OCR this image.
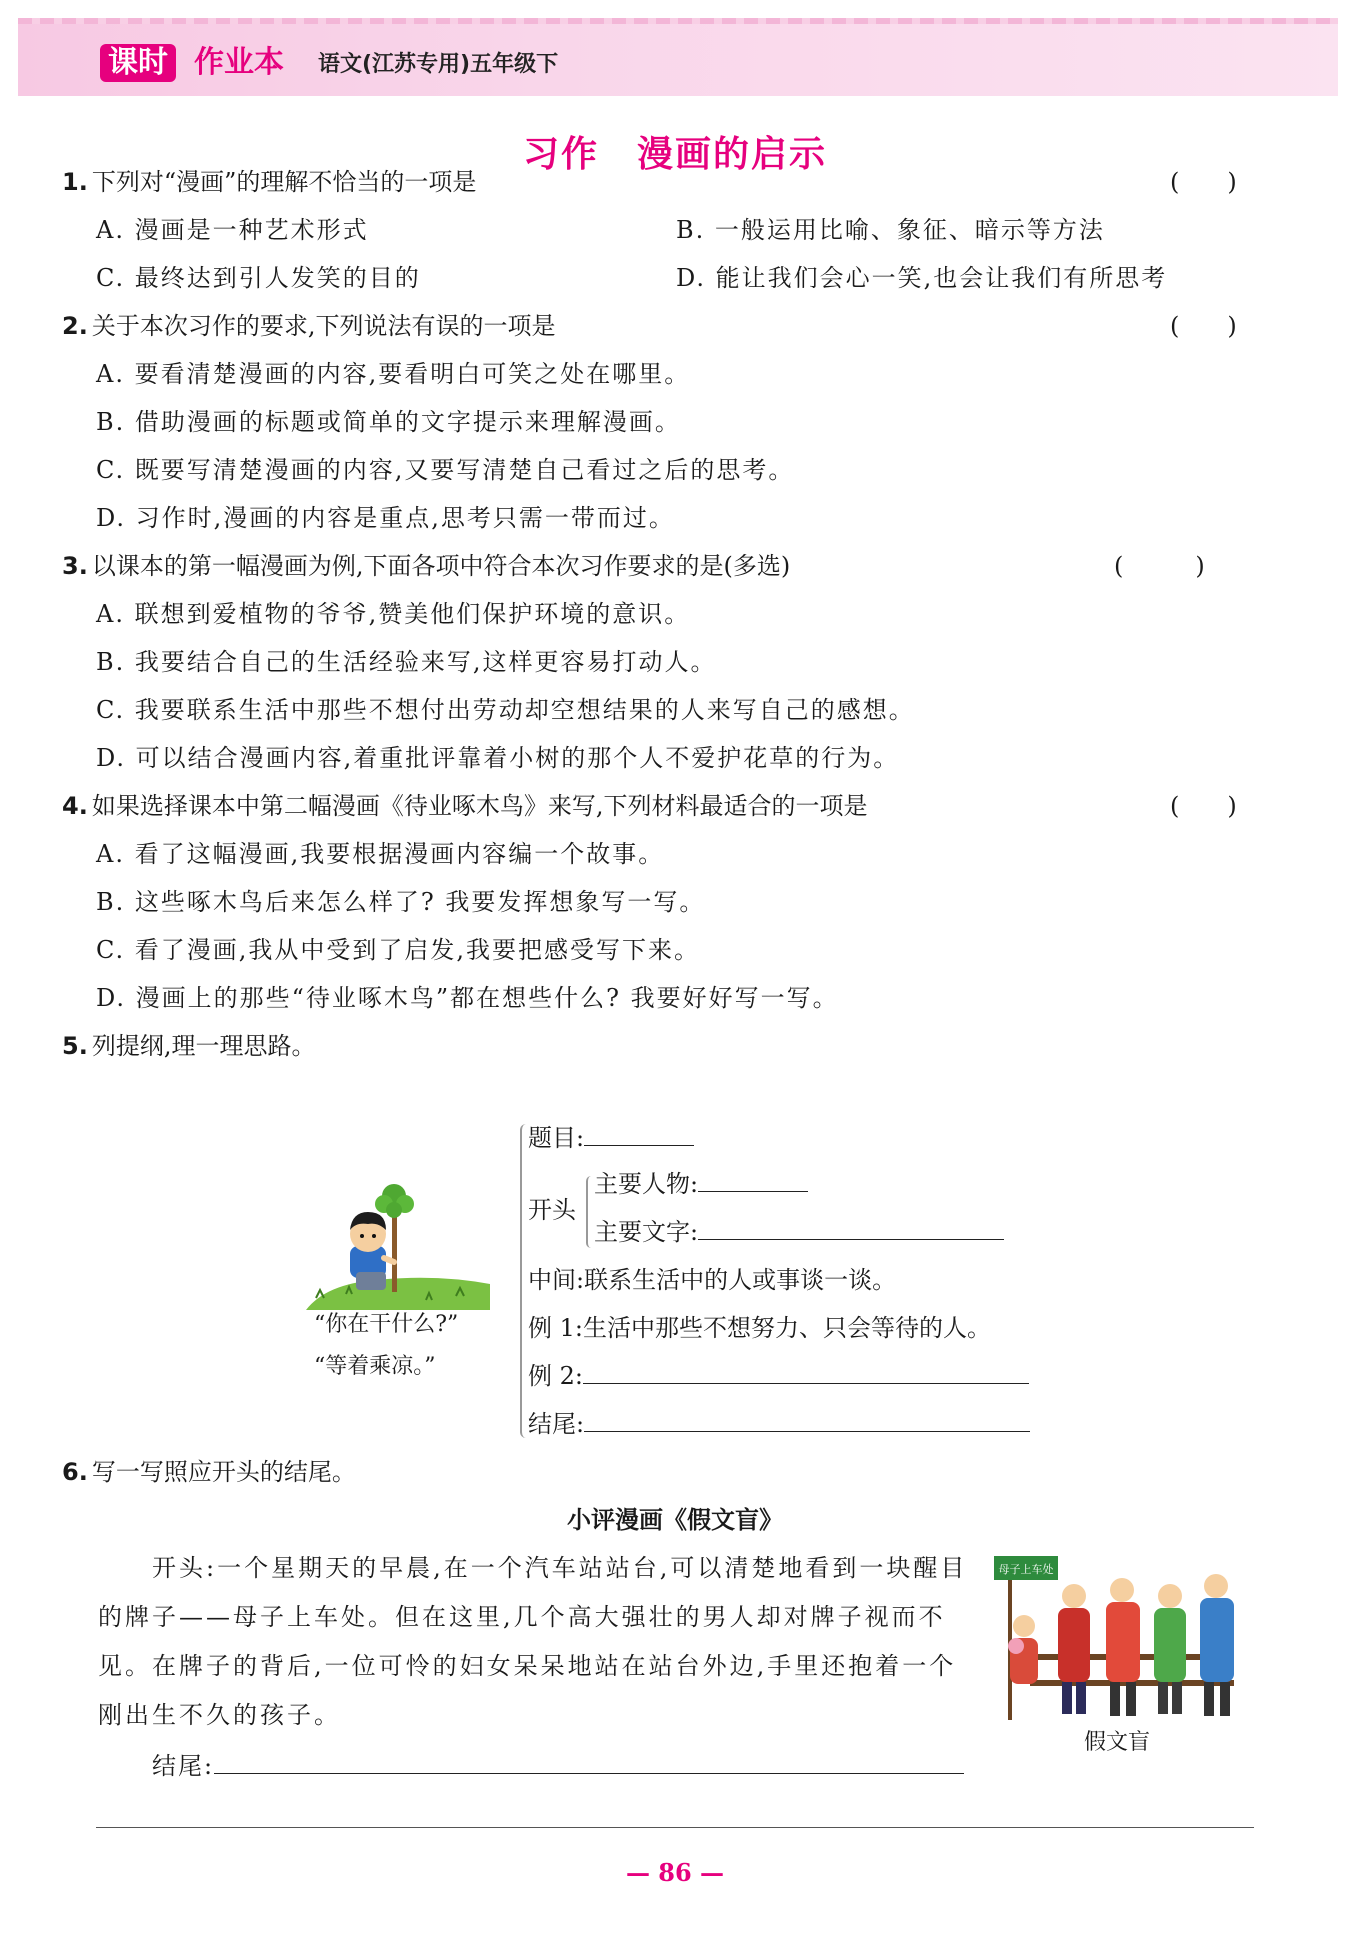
课时 作业本 语文(江苏专用)五年级下
习作　漫画的启示
1. 下列对“漫画”的理解不恰当的一项是	(　　)
A. 漫画是一种艺术形式	B. 一般运用比喻、象征、暗示等方法
C. 最终达到引人发笑的目的	D. 能让我们会心一笑,也会让我们有所思考
2. 关于本次习作的要求,下列说法有误的一项是	(　　)
A. 要看清楚漫画的内容,要看明白可笑之处在哪里。
B. 借助漫画的标题或简单的文字提示来理解漫画。
C. 既要写清楚漫画的内容,又要写清楚自己看过之后的思考。
D. 习作时,漫画的内容是重点,思考只需一带而过。
3. 以课本的第一幅漫画为例,下面各项中符合本次习作要求的是(多选)	(　　　)
A. 联想到爱植物的爷爷,赞美他们保护环境的意识。
B. 我要结合自己的生活经验来写,这样更容易打动人。
C. 我要联系生活中那些不想付出劳动却空想结果的人来写自己的感想。
D. 可以结合漫画内容,着重批评靠着小树的那个人不爱护花草的行为。
4. 如果选择课本中第二幅漫画《待业啄木鸟》来写,下列材料最适合的一项是	(　　)
A. 看了这幅漫画,我要根据漫画内容编一个故事。
B. 这些啄木鸟后来怎么样了? 我要发挥想象写一写。
C. 看了漫画,我从中受到了启发,我要把感受写下来。
D. 漫画上的那些“待业啄木鸟”都在想些什么? 我要好好写一写。
5. 列提纲,理一理思路。
“你在干什么?”
“等着乘凉。”
题目:
开头
主要人物:
主要文字:
中间:联系生活中的人或事谈一谈。
例 1:生活中那些不想努力、只会等待的人。
例 2:
结尾:
6. 写一写照应开头的结尾。
小评漫画《假文盲》
　　开头:一个星期天的早晨,在一个汽车站站台,可以清楚地看到一块醒目的牌子——母子上车处。但在这里,几个高大强壮的男人却对牌子视而不见。在牌子的背后,一位可怜的妇女呆呆地站在站台外边,手里还抱着一个刚出生不久的孩子。
结尾:
母子上车处
假文盲
— 86 —
